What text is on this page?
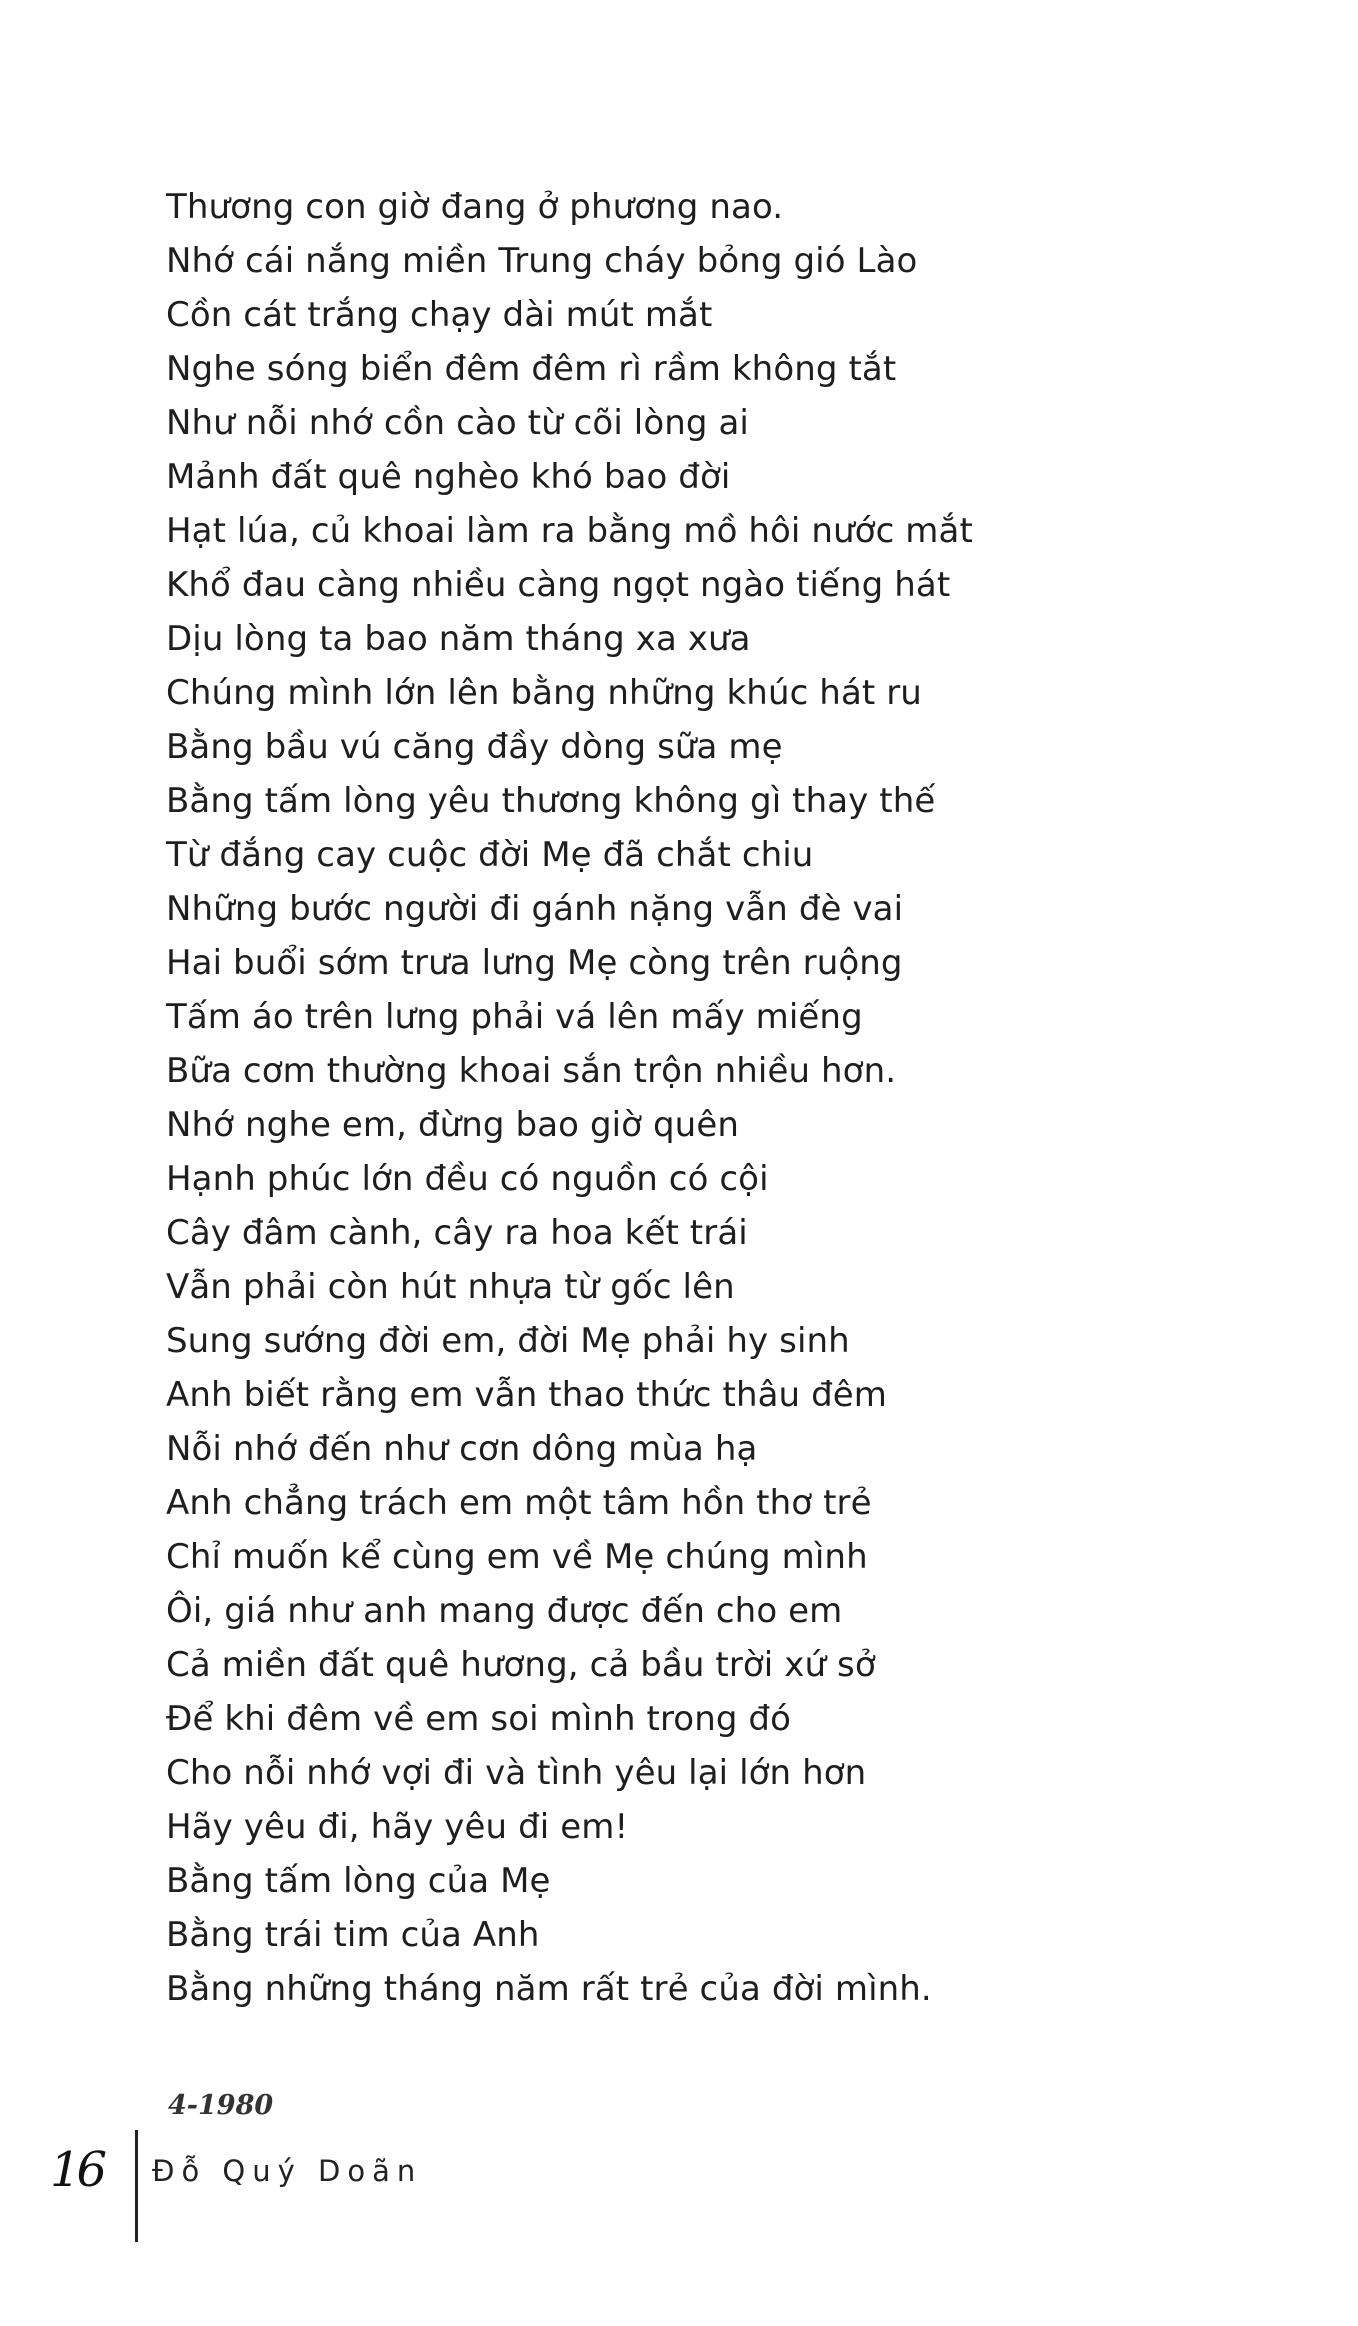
Thương con giờ đang ở phương nao.
Nhớ cái nắng miền Trung cháy bỏng gió Lào
Cồn cát trắng chạy dài mút mắt
Nghe sóng biển đêm đêm rì rầm không tắt
Như nỗi nhớ cồn cào từ cõi lòng ai
Mảnh đất quê nghèo khó bao đời
Hạt lúa, củ khoai làm ra bằng mồ hôi nước mắt
Khổ đau càng nhiều càng ngọt ngào tiếng hát
Dịu lòng ta bao năm tháng xa xưa
Chúng mình lớn lên bằng những khúc hát ru
Bằng bầu vú căng đầy dòng sữa mẹ
Bằng tấm lòng yêu thương không gì thay thế
Từ đắng cay cuộc đời Mẹ đã chắt chiu
Những bước người đi gánh nặng vẫn đè vai
Hai buổi sớm trưa lưng Mẹ còng trên ruộng
Tấm áo trên lưng phải vá lên mấy miếng
Bữa cơm thường khoai sắn trộn nhiều hơn.
Nhớ nghe em, đừng bao giờ quên
Hạnh phúc lớn đều có nguồn có cội
Cây đâm cành, cây ra hoa kết trái
Vẫn phải còn hút nhựa từ gốc lên
Sung sướng đời em, đời Mẹ phải hy sinh
Anh biết rằng em vẫn thao thức thâu đêm
Nỗi nhớ đến như cơn dông mùa hạ
Anh chẳng trách em một tâm hồn thơ trẻ
Chỉ muốn kể cùng em về Mẹ chúng mình
Ôi, giá như anh mang được đến cho em
Cả miền đất quê hương, cả bầu trời xứ sở
Để khi đêm về em soi mình trong đó
Cho nỗi nhớ vợi đi và tình yêu lại lớn hơn
Hãy yêu đi, hãy yêu đi em!
Bằng tấm lòng của Mẹ
Bằng trái tim của Anh
Bằng những tháng năm rất trẻ của đời mình.
4-1980
16 Đỗ Quý Doãn
